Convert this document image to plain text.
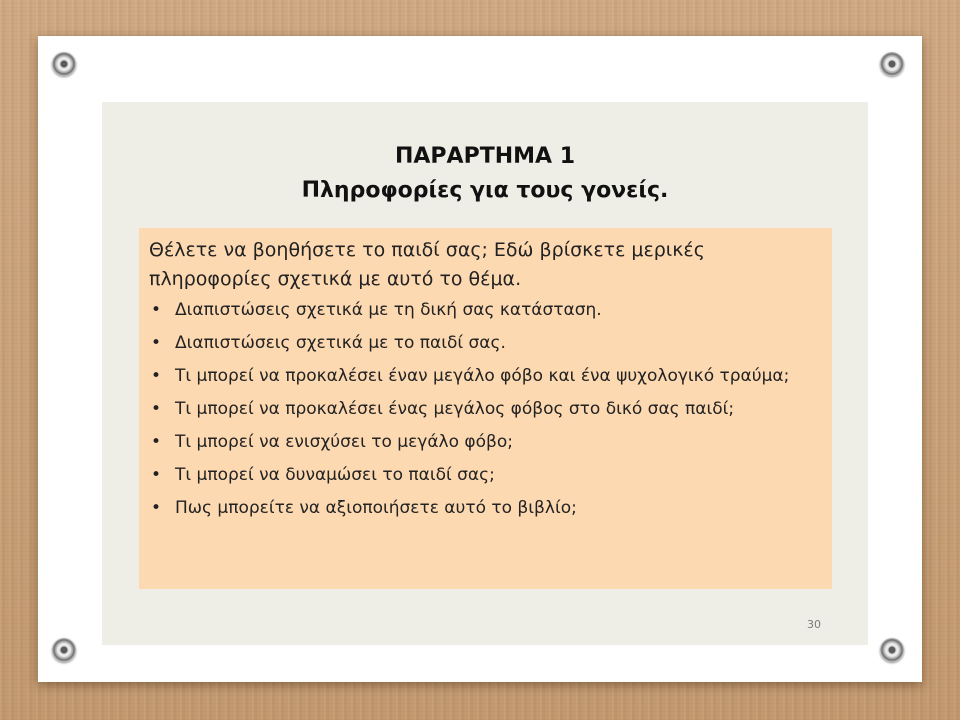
ΠΑΡΑΡΤΗΜΑ 1
Πληροφορίες για τους γονείς.

Θέλετε να βοηθήσετε το παιδί σας; Εδώ βρίσκετε μερικές πληροφορίες σχετικά με αυτό το θέμα.

• Διαπιστώσεις σχετικά με τη δική σας κατάσταση.
• Διαπιστώσεις σχετικά με το παιδί σας.
• Τι μπορεί να προκαλέσει έναν μεγάλο φόβο και ένα ψυχολογικό τραύμα;
• Τι μπορεί να προκαλέσει ένας μεγάλος φόβος στο δικό σας παιδί;
• Τι μπορεί να ενισχύσει το μεγάλο φόβο;
• Τι μπορεί να δυναμώσει το παιδί σας;
• Πως μπορείτε να αξιοποιήσετε αυτό το βιβλίο;
30
